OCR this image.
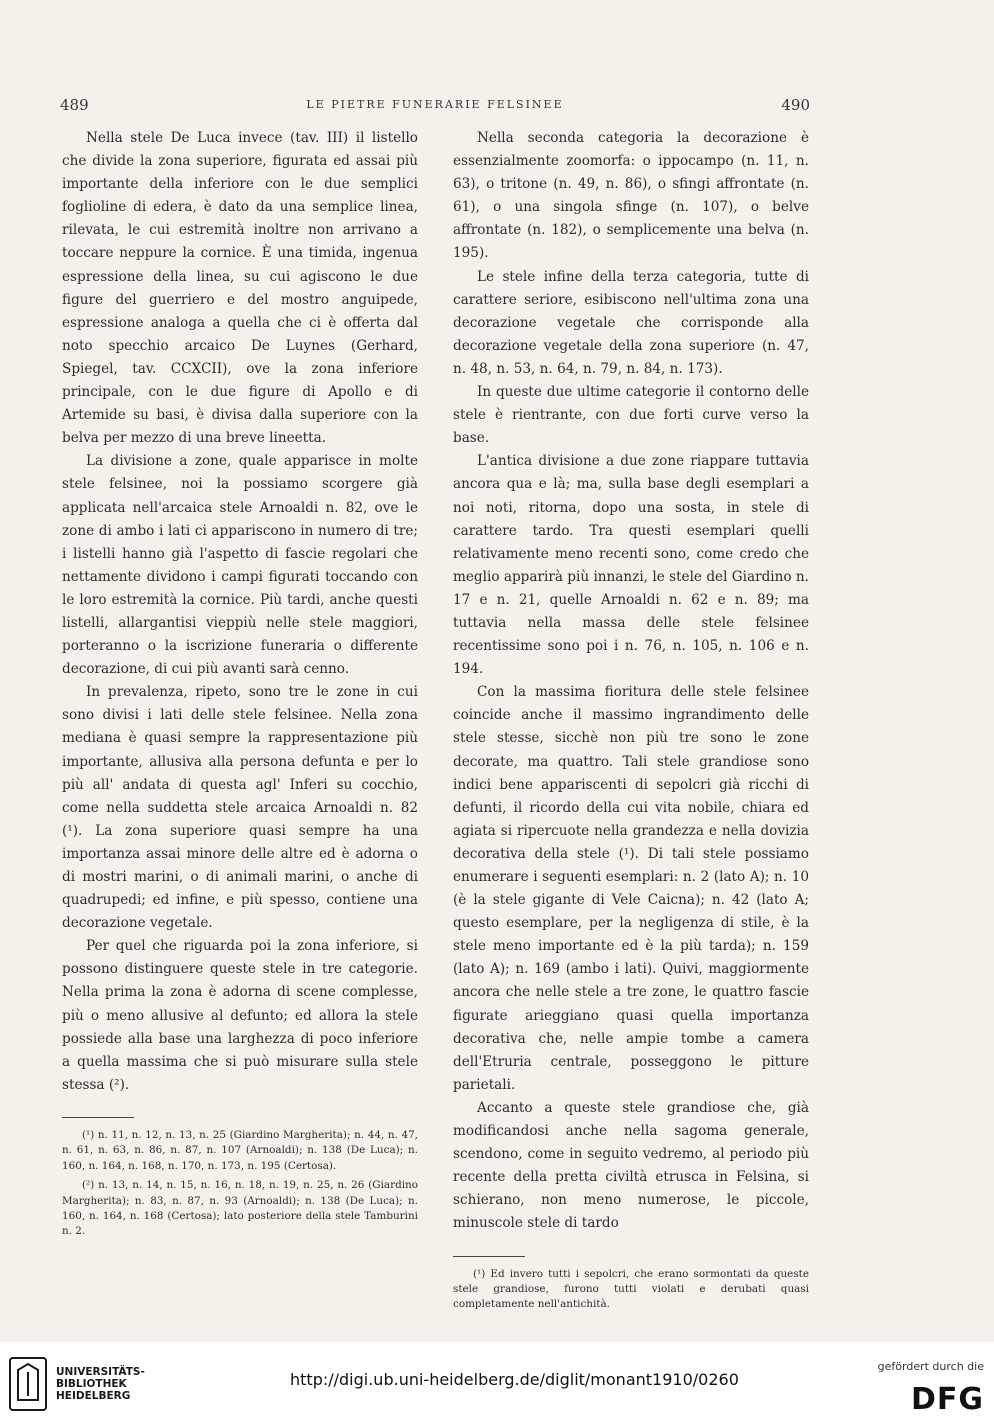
489	LE PIETRE FUNERARIE FELSINEE	490

Nella stele De Luca invece (tav. III) il listello che divide la zona superiore, figurata ed assai più importante della inferiore con le due semplici foglioline di edera, è dato da una semplice linea, rilevata, le cui estremità inoltre non arrivano a toccare neppure la cornice. È una timida, ingenua espressione della linea, su cui agiscono le due figure del guerriero e del mostro anguipede, espressione analoga a quella che ci è offerta dal noto specchio arcaico De Luynes (Gerhard, Spiegel, tav. CCXCII), ove la zona inferiore principale, con le due figure di Apollo e di Artemide su basi, è divisa dalla superiore con la belva per mezzo di una breve lineetta.

La divisione a zone, quale apparisce in molte stele felsinee, noi la possiamo scorgere già applicata nell'arcaica stele Arnoaldi n. 82, ove le zone di ambo i lati ci appariscono in numero di tre; i listelli hanno già l'aspetto di fascie regolari che nettamente dividono i campi figurati toccando con le loro estremità la cornice. Più tardi, anche questi listelli, allargantisi vieppiù nelle stele maggiori, porteranno o la iscrizione funeraria o differente decorazione, di cui più avanti sarà cenno.

In prevalenza, ripeto, sono tre le zone in cui sono divisi i lati delle stele felsinee. Nella zona mediana è quasi sempre la rappresentazione più importante, allusiva alla persona defunta e per lo più all' andata di questa agl' Inferi su cocchio, come nella suddetta stele arcaica Arnoaldi n. 82 (¹). La zona superiore quasi sempre ha una importanza assai minore delle altre ed è adorna o di mostri marini, o di animali marini, o anche di quadrupedi; ed infine, e più spesso, contiene una decorazione vegetale.

Per quel che riguarda poi la zona inferiore, si possono distinguere queste stele in tre categorie. Nella prima la zona è adorna di scene complesse, più o meno allusive al defunto; ed allora la stele possiede alla base una larghezza di poco inferiore a quella massima che si può misurare sulla stele stessa (²).

(¹) n. 11, n. 12, n. 13, n. 25 (Giardino Margherita); n. 44, n. 47, n. 61, n. 63, n. 86, n. 87, n. 107 (Arnoaldi); n. 138 (De Luca); n. 160, n. 164, n. 168, n. 170, n. 173, n. 195 (Certosa).

(²) n. 13, n. 14, n. 15, n. 16, n. 18, n. 19, n. 25, n. 26 (Giardino Margherita); n. 83, n. 87, n. 93 (Arnoaldi); n. 138 (De Luca); n. 160, n. 164, n. 168 (Certosa); lato posteriore della stele Tamburini n. 2.

Nella seconda categoria la decorazione è essenzialmente zoomorfa: o ippocampo (n. 11, n. 63), o tritone (n. 49, n. 86), o sfingi affrontate (n. 61), o una singola sfinge (n. 107), o belve affrontate (n. 182), o semplicemente una belva (n. 195).

Le stele infine della terza categoria, tutte di carattere seriore, esibiscono nell'ultima zona una decorazione vegetale che corrisponde alla decorazione vegetale della zona superiore (n. 47, n. 48, n. 53, n. 64, n. 79, n. 84, n. 173).

In queste due ultime categorie il contorno delle stele è rientrante, con due forti curve verso la base.

L'antica divisione a due zone riappare tuttavia ancora qua e là; ma, sulla base degli esemplari a noi noti, ritorna, dopo una sosta, in stele di carattere tardo. Tra questi esemplari quelli relativamente meno recenti sono, come credo che meglio apparirà più innanzi, le stele del Giardino n. 17 e n. 21, quelle Arnoaldi n. 62 e n. 89; ma tuttavia nella massa delle stele felsinee recentissime sono poi i n. 76, n. 105, n. 106 e n. 194.

Con la massima fioritura delle stele felsinee coincide anche il massimo ingrandimento delle stele stesse, sicchè non più tre sono le zone decorate, ma quattro. Tali stele grandiose sono indici bene appariscenti di sepolcri già ricchi di defunti, il ricordo della cui vita nobile, chiara ed agiata si ripercuote nella grandezza e nella dovizia decorativa della stele (¹). Di tali stele possiamo enumerare i seguenti esemplari: n. 2 (lato A); n. 10 (è la stele gigante di Vele Caicna); n. 42 (lato A; questo esemplare, per la negligenza di stile, è la stele meno importante ed è la più tarda); n. 159 (lato A); n. 169 (ambo i lati). Quivi, maggiormente ancora che nelle stele a tre zone, le quattro fascie figurate arieggiano quasi quella importanza decorativa che, nelle ampie tombe a camera dell'Etruria centrale, posseggono le pitture parietali.

Accanto a queste stele grandiose che, già modificandosi anche nella sagoma generale, scendono, come in seguito vedremo, al periodo più recente della pretta civiltà etrusca in Felsina, si schierano, non meno numerose, le piccole, minuscole stele di tardo

(¹) Ed invero tutti i sepolcri, che erano sormontati da queste stele grandiose, furono tutti violati e derubati quasi completamente nell'antichità.

UNIVERSITÄTS-
BIBLIOTHEK
HEIDELBERG
http://digi.ub.uni-heidelberg.de/diglit/monant1910/0260
gefördert durch die
DFG
